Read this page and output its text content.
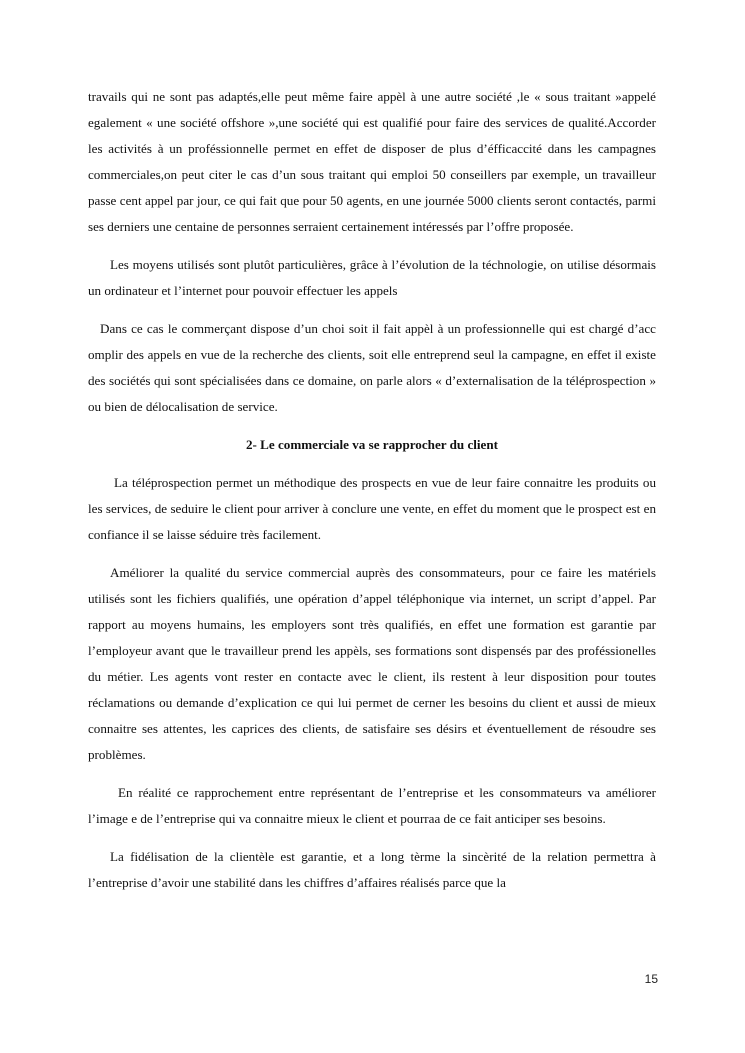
travails qui ne sont pas adaptés,elle peut même faire appèl à une autre société ,le « sous traitant »appelé egalement « une société offshore »,une société qui est qualifié pour faire des services de qualité.Accorder les activités à un proféssionnelle permet en effet de disposer de plus d’éfficaccité dans les campagnes commerciales,on peut citer le cas d’un sous traitant qui emploi 50 conseillers par exemple, un travailleur passe cent appel par jour, ce qui fait que pour 50 agents, en une journée 5000 clients seront contactés, parmi ses derniers une centaine de personnes serraient certainement intéressés par l’offre proposée.

Les moyens utilisés sont plutôt particulières, grâce à l’évolution de la téchnologie, on utilise désormais un ordinateur et l’internet pour pouvoir effectuer les appels

Dans ce cas le commerçant dispose d’un choi soit il fait appèl à un professionnelle qui est chargé d’acc omplir des appels en vue de la recherche des clients, soit elle entreprend seul la campagne, en effet il existe des sociétés qui sont spécialisées dans ce domaine, on parle alors « d’externalisation de la téléprospection » ou bien de délocalisation de service.

2- Le commerciale va se rapprocher du client

La téléprospection permet un méthodique des prospects en vue de leur faire connaitre les produits ou les services, de seduire le client pour arriver à conclure une vente, en effet du moment que le prospect est en confiance il se laisse séduire très facilement.

Améliorer la qualité du service commercial auprès des consommateurs, pour ce faire les matériels utilisés sont les fichiers qualifiés, une opération d’appel téléphonique via internet, un script d’appel. Par rapport au moyens humains, les employers sont très qualifiés, en effet une formation est garantie par l’employeur avant que le travailleur prend les appèls, ses formations sont dispensés par des proféssionelles du métier. Les agents vont rester en contacte avec le client, ils restent à leur disposition pour toutes réclamations ou demande d’explication ce qui lui permet de cerner les besoins du client et aussi de mieux connaitre ses attentes, les caprices des clients, de satisfaire ses désirs et éventuellement de résoudre ses problèmes.

En réalité ce rapprochement entre représentant de l’entreprise et les consommateurs va améliorer l’image e de l’entreprise qui va connaitre mieux le client et pourraa de ce fait anticiper ses besoins.

La fidélisation de la clientèle est garantie, et a long tèrme la sincèrité de la relation permettra à l’entreprise d’avoir une stabilité dans les chiffres d’affaires réalisés parce que la

15
